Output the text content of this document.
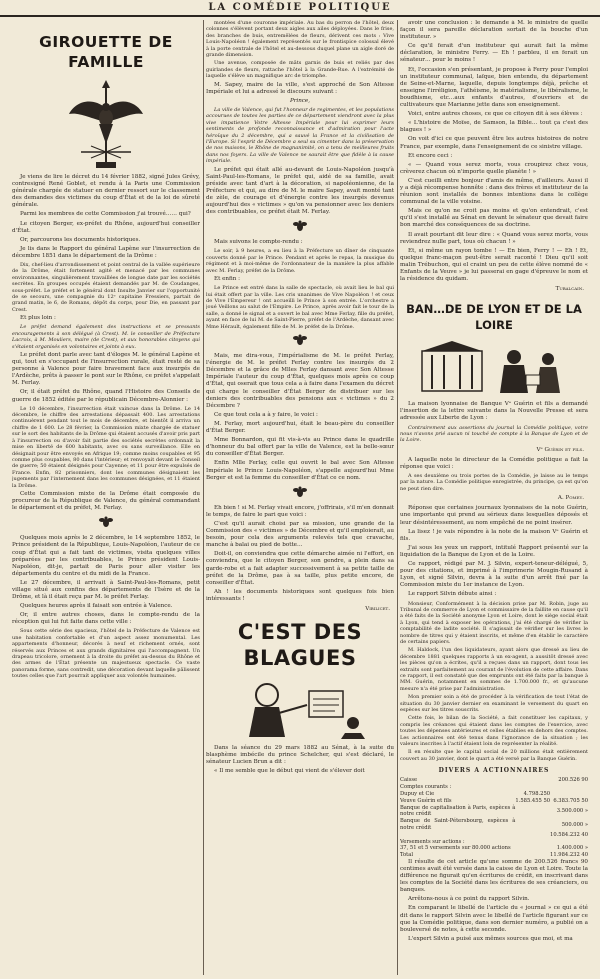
LA COMÉDIE POLITIQUE
GIROUETTE DE FAMILLE

Je viens de lire le décret du 14 février 1882, signé Jules Grévy, contresigné René Goblet, et rendu à la Paris une Commission générale chargée de statuer en dernier ressort sur le classement des demandes des victimes du coup d'État et de la loi de sûreté générale.

Parmi les membres de cette Commission j'ai trouvé…… qui?

Le citoyen Berger, ex-préfet du Rhône, aujourd'hui conseiller d'État.

Or, parcourons les documents historiques.

Je lis dans le Rapport du général Lapène sur l'insurrection de décembre 1851 dans le département de la Drôme :

Dix, chef-lieu d'arrondissement et point central de la vallée supérieure de la Drôme, était fortement agité et menacé par les communes environnantes, singulièrement travaillées de longue date par les sociétés secrètes. En groupes occupés étaient demandés par M. de Coudanges, sous-préfet. Le préfet et le général dont Insulte Janvier sur l'opportunité de se secours, une compagnie du 12ᵉ capitaine Fressiers, partait de grand matin, le 6, de Romans, dépôt du corps, pour Die, en passant par Crest.

Et plus loin :

Le préfet demand également des instructions et se pressants encouragements à son délégué (à Crest). M. le conseiller de Préfecture Lacroix, à M. Mouliers, maire (de Crest), et aux honorables citoyens qui s'étaient organisés en volontaires et joints à eux.

Le préfet dont parle avec tant d'éloges M. le général Lapène et qui, tout en s'occupant de l'insurrection rurale, était resté de sa personne à Valence pour faire bravement face aux insurgés de l'Ardèche, prêts à passer le pont sur le Rhône, ce préfet s'appelait M. Ferlay.

Or, il était préfet du Rhône, quand l'Histoire des Conseils de guerre de 1852 éditée par le républicain Décembre-Alonnier :

Le 10 décembre, l'insurrection était vaincue dans la Drôme. Le 14 décembre, le chiffre des arrestations dépassait 400. Les arrestations continuèrent pendant tout le mois de décembre, et bientôt il arriva un chiffre de 1 600. Le 28 février, la Commission mixte chargée de statuer sur le sort des habitants de la Drôme qui étaient accusés d'avoir pris part à l'insurrection ou d'avoir fait partie des sociétés secrètes ordonnait la mise en liberté de 600 habitants, avec ou sans surveillance. Elle en désignait pour être envoyés en Afrique 19; comme moins coupables et 95 comme plus coupables, 80 dans l'intérieur; et renvoyait devant le Conseil de guerre; 50 étaient désignés pour Cayenne; et 11 pour être expulsés de France. Enfin, 82 prisonniers, dont les communes désignaient les jugements par l'internement dans les communes désignées, et 11 étaient la Drôme.

Cette Commission mixte de la Drôme était composée du procureur de la République de Valence, du général commandant le département et du préfet, M. Ferlay.

Quelques mois après le 2 décembre, le 14 septembre 1852, le Prince président de la République, Louis-Napoléon, l'auteur de ce coup d'État qui a fait tant de victimes, visita quelques villes préparées par les contribuables, le Prince président Louis-Napoléon, dit-je, partait de Paris pour aller visiter les départements du centre et du midi de la France.

Le 27 décembre, il arrivait à Saint-Paul-les-Romans, petit village situé aux confins des départements de l'Isère et de la Drôme, et là il était reçu par M. le préfet Ferlay.

Quelques heures après il faisait son entrée à Valence.

Or, il entre autres choses, dans le compte-rendu de la réception qui lui fut faite dans cette ville :

Sous cette série des spacieux, l'hôtel de la Préfecture de Valence est une habitation confortable et d'un aspect assez monumental. Les appartements d'honneur, décorés à neuf et richement ornés, sont réservés aux Princes et aux grands dignitaires qui l'accompagnent. Un drapeau tricolore, ornement à la droite du préfet au-dessus du Rhône et des armes de l'État présente un majestueux spectacle. Ce vaste panorama forme, sans contredit, une décoration devant laquelle pâlissent toutes celles que l'art pourrait appliquer aux volontés humaines.

montées d'une couronne impériale. Au bas du perron de l'hôtel, deux colonnes s'élèvent portant deux aigles aux ailes déployées. Dans le frise, des branches de buis, entremêlées de fleurs, dérivent ces mots : Vive Louis-Napoléon ! également représentés sur le frontispice colossal élevé à la porte centrale de l'hôtel et au-dessous duquel plane un aigle doré de grande dimension.

Une avenue, composée de mâts garnis de buis et reliés par des guirlandes de fleurs, rattache l'hôtel à la Grande-Rue. A l'extrémité de laquelle s'élève un magnifique arc de triomphe.

M. Sapey, maire de la ville, s'est approché de Son Altesse Impériale et lui a adressé le discours suivant :

Prince,

La ville de Valence, qui fut l'honneur de regimentes, et les populations accourues de toutes les parties de ce département viendront avec la plus vive impatience Votre Altesse Impériale pour lui exprimer leurs sentiments de profonde reconnaissance et d'admiration pour l'acte héroïque du 2 décembre, qui a sauvé la France et la civilisation de l'Europe. Si l'esprit de Décembre a seul su cimenter dans la préservation de nos maisons, le Rhône de magnanimité, on a tenu de meilleures fruits dans nos foyers. La ville de Valence ne saurait être que fidèle à la cause impériale.

Le préfet qui était allé au-devant de Louis-Napoléon jusqu'à Saint-Paul-les-Romans, le préfet qui, aidé de sa famille, avait préside avec tant d'art à la décoration, si napoléonienne, de la Préfecture et qui, au dire de M. le maire Sapey, avait monté tant de zèle, de courage et d'énergie contre les insurgés devenus aujourd'hui des « victimes » qu'on va pensionner avec les deniers des contribuables, ce préfet était M. Ferlay.

Mais suivons le compte-rendu :

Le soir, à 9 heures, a eu lieu à la Préfecture un dîner de cinquante couverts donné par le Prince. Pendant et après le repas, la musique du régiment et à moi-même de l'ordonnateur de la manière la plus affable avec M. Ferlay, préfet de la Drôme.

Et enfin :

Le Prince est entré dans la salle de spectacle, où avait lieu le bal qui lui était offert par la ville. Les cris unanimes de Vive Napoléon ! et ceux de Vive l'Empereur ! ont accueilli le Prince à son entrée. L'orchestre a joué Veillons au salut de l'Empire. Le Prince, après avoir fait le tour de la salle, a donné le signal et a ouvert le bal avec Mme Ferlay, fille du préfet, ayant en face de lui M. de Saint-Pierre, préfet de l'Ardèche, dansant avec Mme Hérault, également fille de M. le préfet de la Drôme.

Mais, me dira-vous, l'impérialisme de M. le préfet Ferlay, l'énergie de M. le préfet Ferlay contre les insurgés du 2 Décembre et la grâce de Mlles Ferlay dansant avec Son Altesse Impériale l'auteur du coup d'État, quelques mois après ce coup d'État, qui oserait que tous cela a à faire dans l'examen du décret qui charge le conseiller d'État Berger de distribuer sur les deniers des contribuables des pensions aux « victimes » du 2 Décembre ?

Ce que tout cela a à y faire, le voici :

M. Ferlay, mort aujourd'hui, était le beau-père du conseiller d'État Berger.

Mme Bonnardon, qui fit vis-à-vis au Prince dans le quadrille d'honneur du bal offert par la ville de Valence, est la belle-sœur du conseiller d'État Berger.

Enfin Mlle Ferlay, celle qui ouvrit le bal avec Son Altesse Impériale le Prince Louis-Napoléon, s'appelle aujourd'hui Mme Berger et est la femme du conseiller d'État ce ce nom.

Eh bien ! si M. Ferlay vivait encore, j'offrirais, s'il m'en donnait le temps, de faire le pari que voici :

C'est qu'il aurait choisi par sa mission, une grande de la Commission des « victimes » de Décembre et qu'il emploierait, au besoin, pour cela des arguments relevés tels que cravache, manche à balai ou pied de botte…

Doit-il, on conviendra que cette démarche aimée ni l'effort, en conviendra, que le citoyen Berger, son gendre, a plein dans sa garde-robe et a fait adapter successivement à sa petite taille de préfet de la Drôme, pas à sa taille, plus petite encore, de conseiller d'État.

Ah ! les documents historiques sont quelques fois bien intéressants !

Vibilicet.
C'EST DES BLAGUES

Dans la séance du 29 mars 1882 au Sénat, à la suite du blasphème imbécile du prince Schelcher, qui s'est déclaré, le sénateur Lucien Brun a dit :

« Il me semble que le début qui vient de s'élever doit

avoir une conclusion : le demande à M. le ministre de quelle façon il sera pareille déclaration sortait de la bouche d'un instituteur. »

Ce qu'il ferait d'un instituteur qui aurait fait la même déclaration, le ministre Ferry. — Eh ! parbleu, il en ferait un sénateur… pour le moins !

Et, l'occasion s'en présentant, je propose à Ferry pour l'emploi un instituteur communal, laïque, bien entendu, du département de Seine-et-Marne, laquelle, depuis longtemps déjà, prêche et enseigne l'irréligion, l'athéisme, le matérialisme, le libéralisme, le boudhisme, etc…aux enfants d'autres, d'ouvriers et de cultivateurs que Marianne jette dans son enseignement.

Voici, entre autres choses, ce que ce citoyen dit à ses élèves :

« L'histoire de Moïse, de Samson, la Bible… tout ça c'est des blagues ! »

On voit d'ici ce que peuvent être les autres histoires de notre France, par exemple, dans l'enseignement de ce sinistre village.

Et encore ceci :

« — Quand vous serez morts, vous croupirez chez vous, crèverez chacun où n'importe quelle planète ! »

C'est cueilli entre bonjour d'amis de même, d'ailleurs. Aussi il y a déjà récompense honnête : dans des frères et instituteur de la réunion sont installés de bonnes intentions dans le collège communal de la ville voisine.

Mais ce qu'on ne croit pas moins et qu'on entendrait, c'est qu'il s'est installé au Sénat en devant le sénateur que devait faire bon marché des conséquences de sa doctrine.

Il avait pourtant dit leur dire : « Quand vous serez morts, vous reviendrez nulle part, tous où chacun ! »

Et, si même un rayon tombe ! — En bien, Ferry ! — Eh ! Et, quelque franc-maçon peut-être serait raconté ! Dieu qu'il soit malin Trébuchon, qui el craint un peu de cette élève nommé de « Enfants de la Veuve » je lui passerai en gage d'épreuve le nom et la résidence du quidam.

Tubalcain.
BAN…DE DE LYON ET DE LA LOIRE

La maison lyonnaise de Banque Vᵉ Guérin et fils a demandé l'insertion de la lettre suivante dans la Nouvelle Presse et sera adressée aux Liberte de Lyon :

Contrairement aux assertions du journal la Comédie politique, votre nous n'avons prié aucun ni touché de compte à la Banque de Lyon et de la Loire.

Vᵉ Guérin et fils.

A laquelle note le directeur de la Comédie politique a fait la réponse que voici :

A ses deuxième ou trois portes de la Comédie, je laisse au le temps par la nature. La Comédie politique enregistrée, du principe, ça est qu'on ne peut rien dire.

A. Pomey.

Réponse que certaines journaux lyonnaises de la note Guérin, une importante qui prend au sérieux dans lesquelles déposés et leur désintéressement, au nom empêché de ne point insérer.

La lisez ! je vais répondre à la note de la maison Vᵉ Guérin et fils.

J'ai sous les yeux un rapport, intitulé Rapport présenté sur la liquidation de la Banque de Lyon et de la Loire.

Ce rapport, rédigé par M. J. Silvin, expert-teneur-délégué, 5, pour des citations, et imprimé à l'imprimerie Mougin-Rusand à Lyon, et signé Silvin, devra à la suite d'un arrêt fixé par la Commission mixte du 1er instance de Lyon.

Le rapport Silvin débute ainsi :

Monsieur, Conformément à la décision prise par M. Robin, juge au Tribunal de commerce de Lyon et commissaire de la faillite en cause qu'il a été faits de la Société anonyme Lyon et Loire, dont le siège social était à Lyon, qui tend à exposer les opérations, j'ai été chargé de vérifier la comptabilité de ladite société. Il s'agissait de vérifier sur les livres le nombre de titres qui y étaient inscrits, et même d'en établir le caractère de certains papiers.

M. Haldock, l'un des liquidateurs, ayant alors que dressé au lieu de décembre 1881 quelques rapports à un ex-agent, a aussitôt dressé avec les pièces qu'on a écrites, qu'il a reçues dans un rapport, dont tous les extraits sont parfaitement au courant de l'évolution de cette affaire. Dans ce rapport, il est constaté que des emprunts ont été faits par la banque à MM. Guérin, notamment en sommes de 1.700.000 fr., et qu'aucune mesure n'a été prise par l'administration.

Mon premier soin a été de procéder à la vérification de tout l'état de situation du 30 janvier dernier en examinant le versement du quart en espèces sur les titres souscrits.

Cette fois, le bilan de la Société, a fait constituer les capitaux, y compris les créances qui étaient dans les comptes de l'exercice, avec toutes les dépenses antérieures et celles établies en dehors des comptes. Les actionnaires ont été tenus dans l'ignorance de la situation ; les valeurs inscrites à l'actif étaient loin de représenter la réalité.

Il en résulte que le capital social de 20 millions était entièrement couvert au 30 janvier, dont le quart a été versé par la Banque Guérin.

DIVERS A ACTIONNAIRES
Caisse		200.526 90
Comptes courants :		
Dupuy et Cie	4.798.250	
Veuve Guérin et fils	1.585.455 50	6.383.705 50
Banque de capitalisation à Paris, espèces à notre crédit		3.500.000 »
Banque de Saint-Pétersbourg, espèces à notre crédit		500.000 »
		10.584.232 40
Versements sur actions :		
37, 51 et 5 versements sur 80.000 actions		1.400.000 »
Total		11.984.232 40

Il résulte de cet article qu'une somme de 200.526 francs 90 centimes avait été versée dans la caisse de Lyon et Loire. Toute la différence ne figurait qu'en écritures de crédit, en inscrivant dans les comptes de la Société dans les écritures de ses créanciers, ou banques.

Arrêtons-nous à ce point du rapport Silvin.

En comparant le libellé de l'article du « journal » ce qui a été dit dans le rapport Silvin avec le libellé de l'article figurant sur ce que la Comédie politique, dans son dernier numéro, a publié on a bouleversé de notes, à cette seconde.

L'expert Silvin a puisé aux mêmes sources que moi, et ma
